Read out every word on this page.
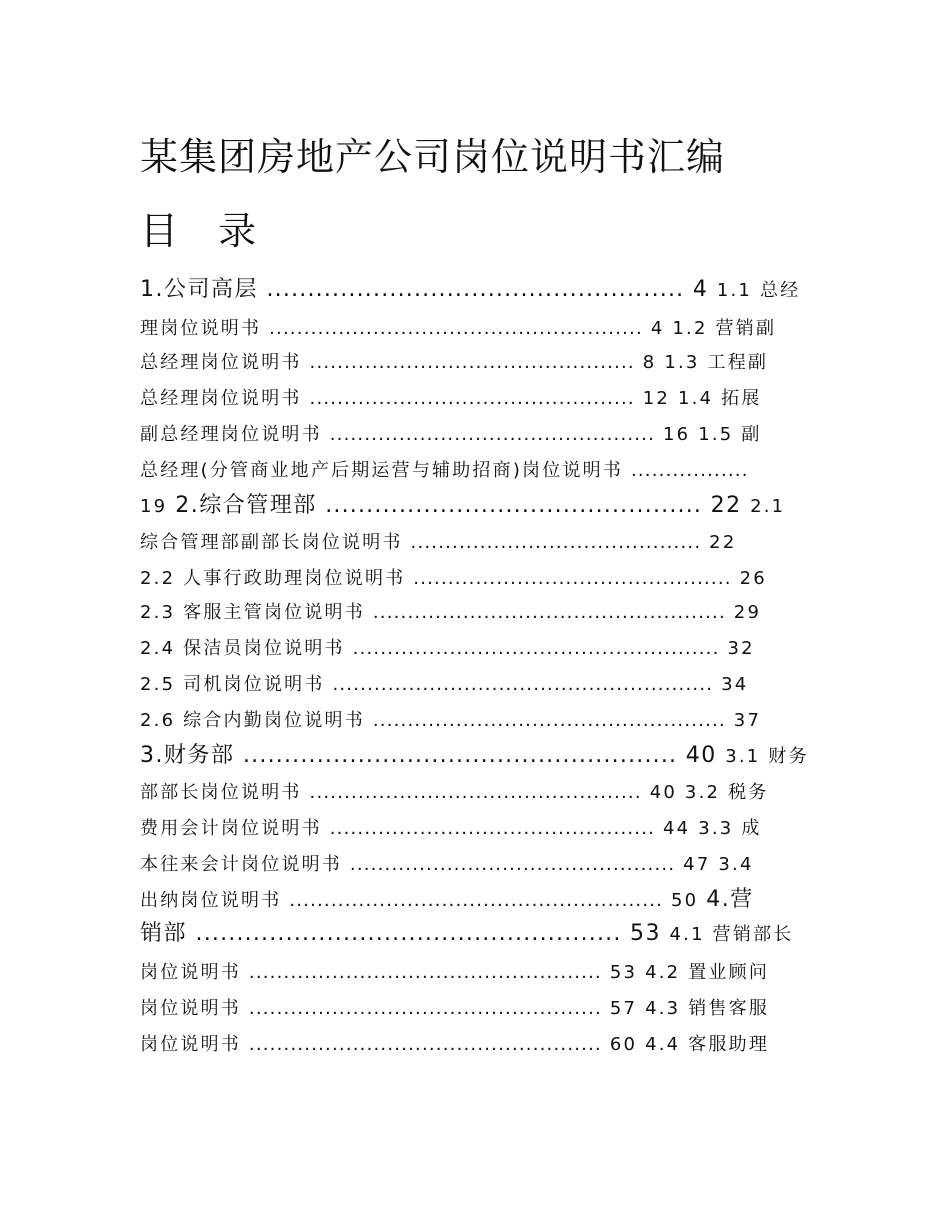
某集团房地产公司岗位说明书汇编
目 录
1.公司高层 ................................................... 4 1.1 总经
理岗位说明书 ...................................................... 4 1.2 营销副
总经理岗位说明书 ............................................... 8 1.3 工程副
总经理岗位说明书 ............................................... 12 1.4 拓展
副总经理岗位说明书 ............................................... 16 1.5 副
总经理(分管商业地产后期运营与辅助招商)岗位说明书 .................
19 2.综合管理部 .............................................. 22 2.1
综合管理部副部长岗位说明书 .......................................... 22
2.2 人事行政助理岗位说明书 .............................................. 26
2.3 客服主管岗位说明书 ................................................... 29
2.4 保洁员岗位说明书 ..................................................... 32
2.5 司机岗位说明书 ....................................................... 34
2.6 综合内勤岗位说明书 ................................................... 37
3.财务部 ..................................................... 40 3.1 财务
部部长岗位说明书 ................................................ 40 3.2 税务
费用会计岗位说明书 ............................................... 44 3.3 成
本往来会计岗位说明书 ............................................... 47 3.4
出纳岗位说明书 ...................................................... 50 4.营
销部 .................................................... 53 4.1 营销部长
岗位说明书 ................................................... 53 4.2 置业顾问
岗位说明书 ................................................... 57 4.3 销售客服
岗位说明书 ................................................... 60 4.4 客服助理
